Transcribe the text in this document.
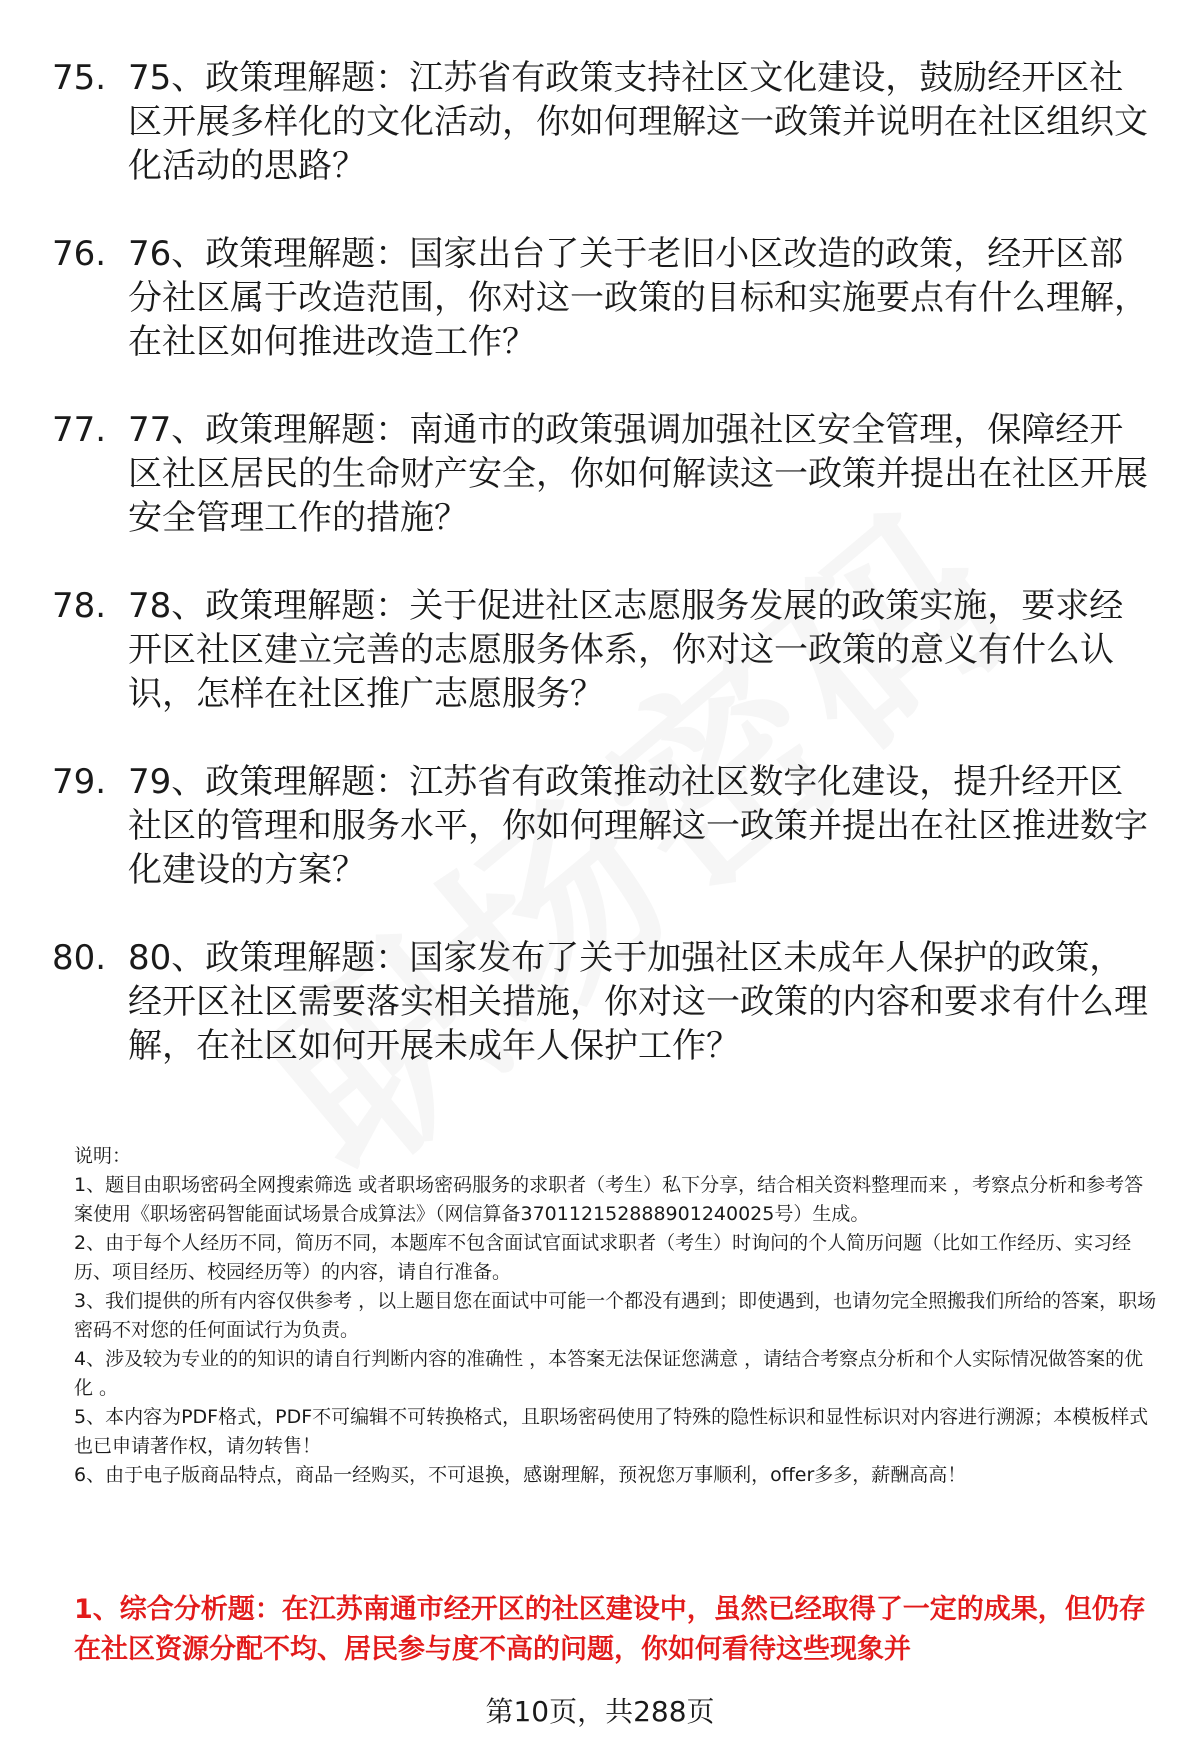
75. 75、政策理解题：江苏省有政策支持社区文化建设，鼓励经开区社区开展多样化的文化活动，你如何理解这一政策并说明在社区组织文化活动的思路？
76. 76、政策理解题：国家出台了关于老旧小区改造的政策，经开区部分社区属于改造范围，你对这一政策的目标和实施要点有什么理解，在社区如何推进改造工作？
77. 77、政策理解题：南通市的政策强调加强社区安全管理，保障经开区社区居民的生命财产安全，你如何解读这一政策并提出在社区开展安全管理工作的措施？
78. 78、政策理解题：关于促进社区志愿服务发展的政策实施，要求经开区社区建立完善的志愿服务体系，你对这一政策的意义有什么认识，怎样在社区推广志愿服务？
79. 79、政策理解题：江苏省有政策推动社区数字化建设，提升经开区社区的管理和服务水平，你如何理解这一政策并提出在社区推进数字化建设的方案？
80. 80、政策理解题：国家发布了关于加强社区未成年人保护的政策，经开区社区需要落实相关措施，你对这一政策的内容和要求有什么理解，在社区如何开展未成年人保护工作？
说明：
1、题目由职场密码全网搜索筛选 或者职场密码服务的求职者（考生）私下分享，结合相关资料整理而来 ，考察点分析和参考答案使用《职场密码智能面试场景合成算法》（网信算备370112152888901240025号）生成。
2、由于每个人经历不同，简历不同，本题库不包含面试官面试求职者（考生）时询问的个人简历问题（比如工作经历、实习经历、项目经历、校园经历等）的内容，请自行准备。
3、我们提供的所有内容仅供参考 ，以上题目您在面试中可能一个都没有遇到；即使遇到，也请勿完全照搬我们所给的答案，职场密码不对您的任何面试行为负责。
4、涉及较为专业的的知识的请自行判断内容的准确性 ，本答案无法保证您满意 ，请结合考察点分析和个人实际情况做答案的优化 。
5、本内容为PDF格式，PDF不可编辑不可转换格式，且职场密码使用了特殊的隐性标识和显性标识对内容进行溯源；本模板样式也已申请著作权，请勿转售！
6、由于电子版商品特点，商品一经购买，不可退换，感谢理解，预祝您万事顺利，offer多多，薪酬高高！
1、综合分析题：在江苏南通市经开区的社区建设中，虽然已经取得了一定的成果，但仍存在社区资源分配不均、居民参与度不高的问题，你如何看待这些现象并
第10页，共288页
